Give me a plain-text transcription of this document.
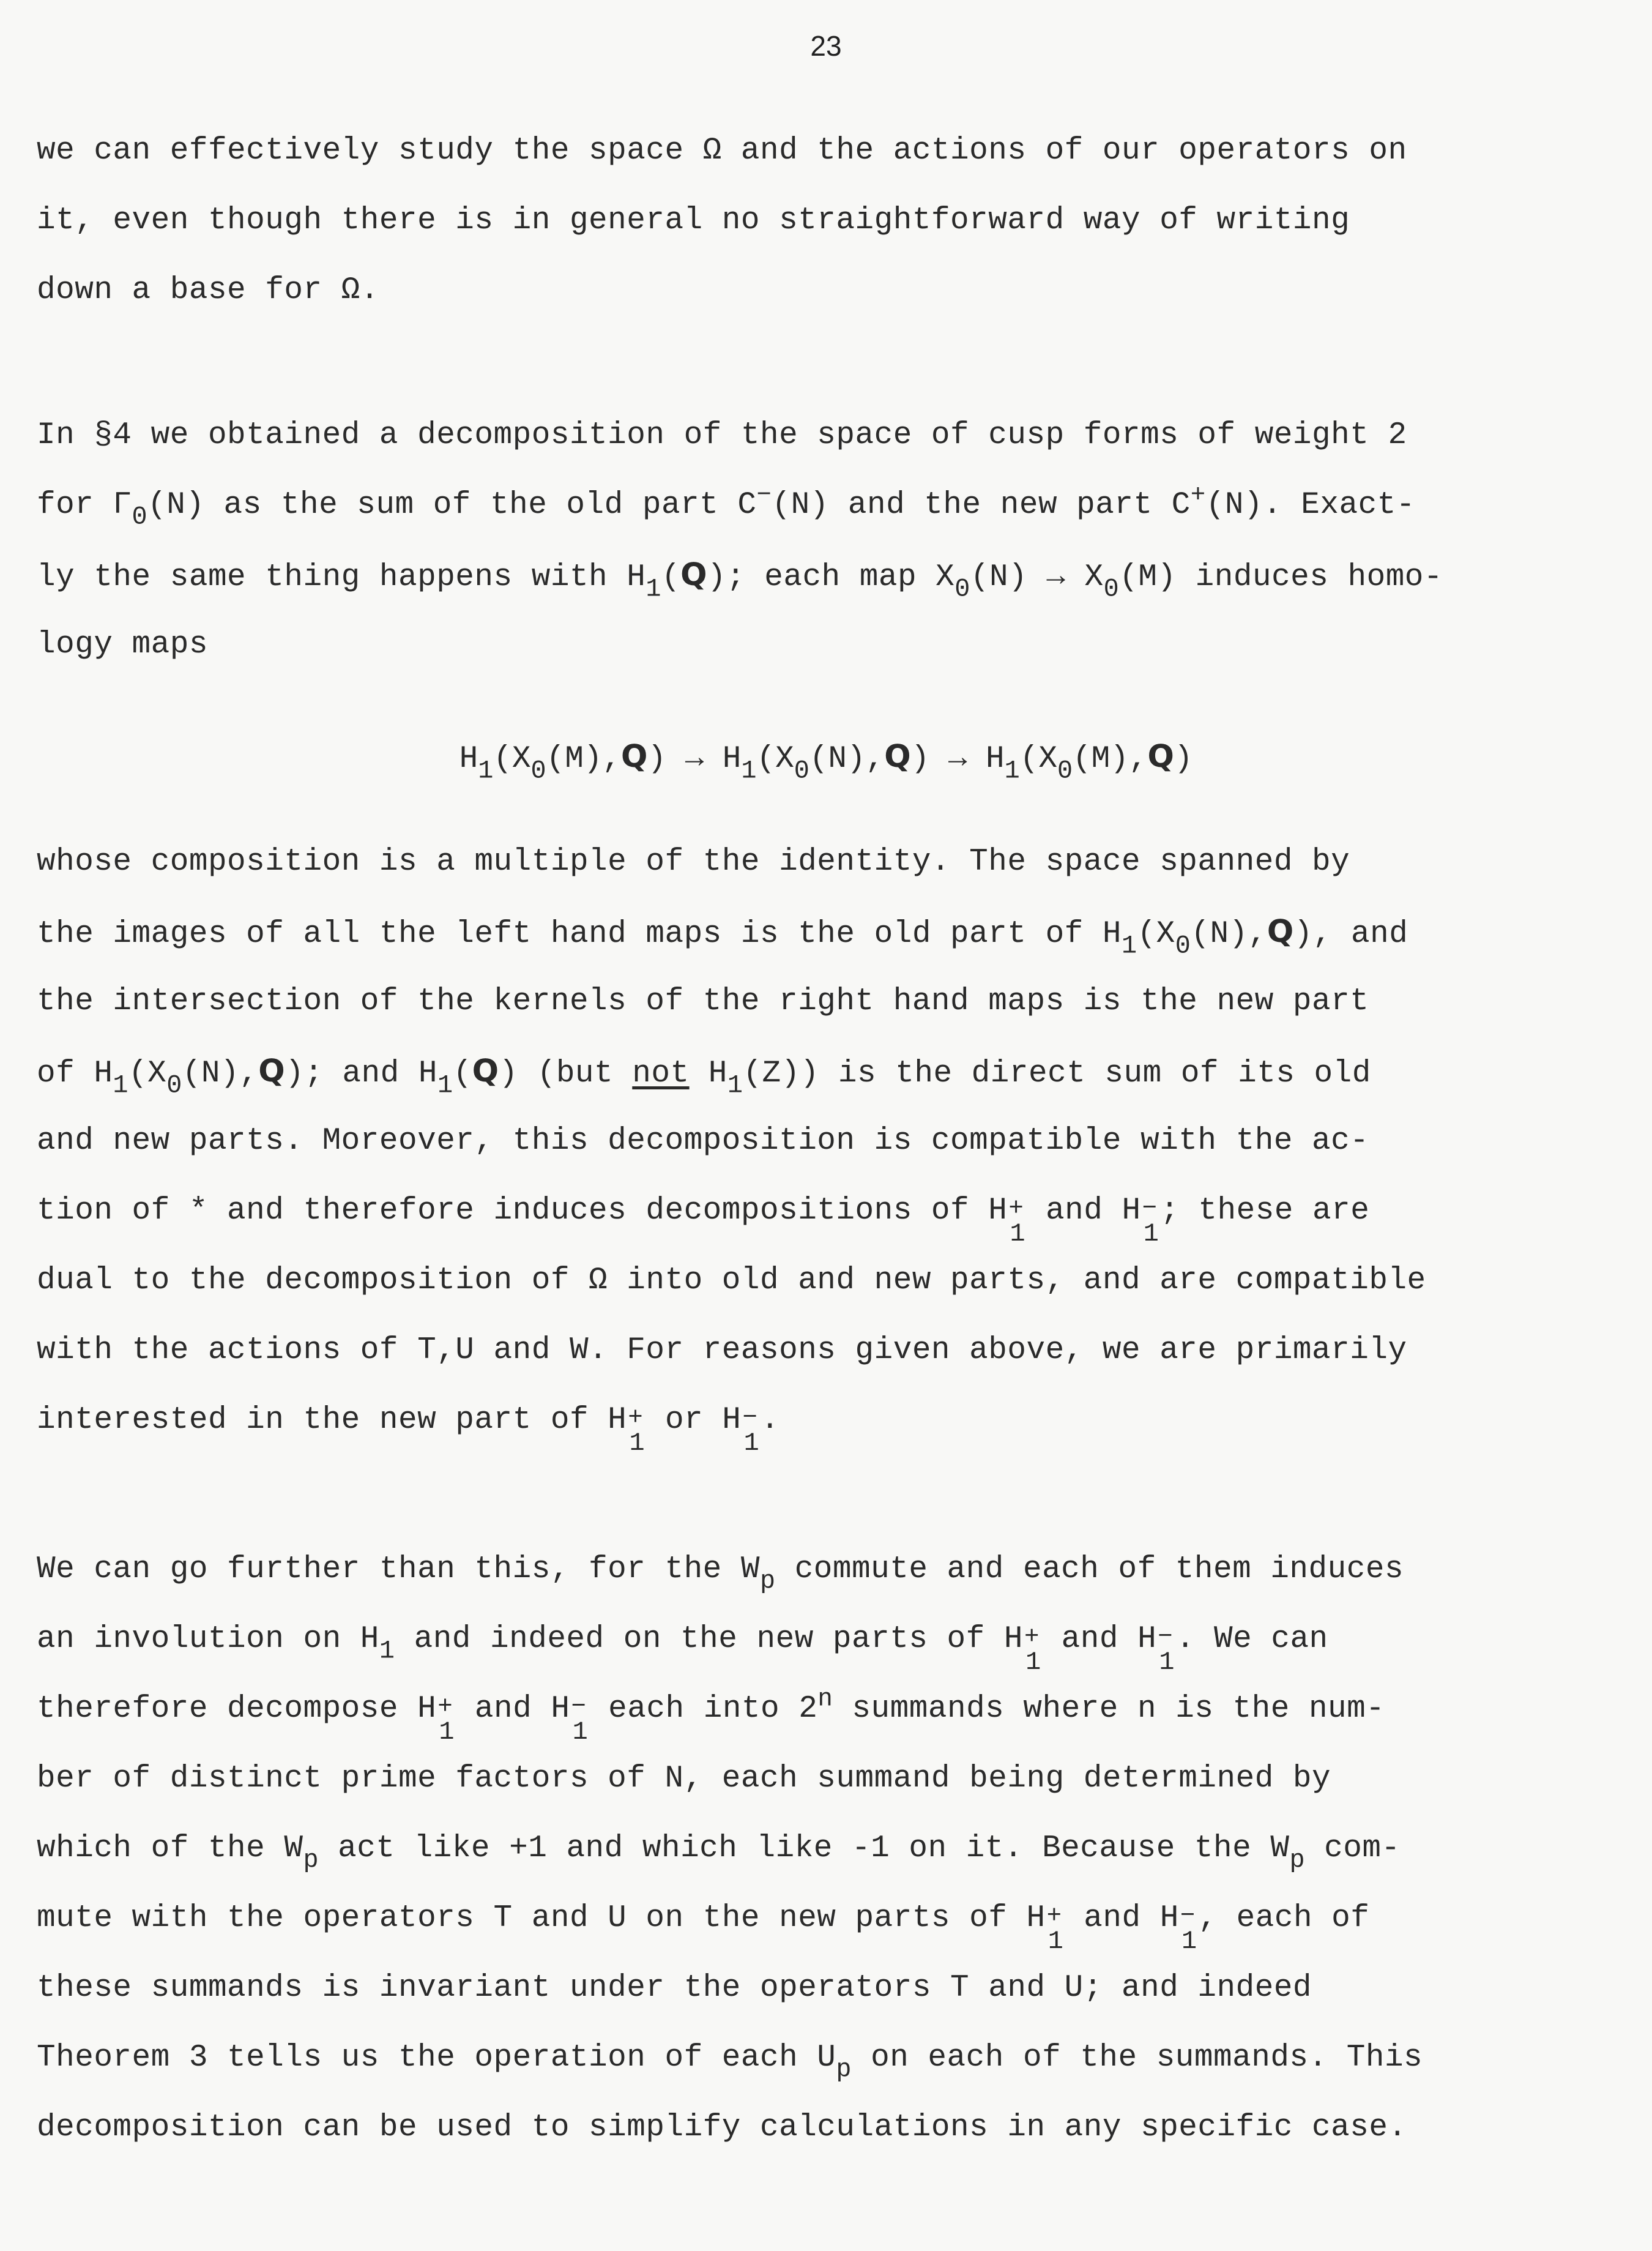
23
we can effectively study the space Ω and the actions of our operators on
it, even though there is in general no straightforward way of writing
down a base for Ω.
In §4 we obtained a decomposition of the space of cusp forms of weight 2
for $\Gamma_0(N)$ as the sum of the old part C−(N) and the new part C+(N). Exact-
ly the same thing happens with $H_1(Q)$; each map $X_0(N) \to X_0(M)$ induces homo-
logy maps
$H_1(X_0(M),Q) \to H_1(X_0(N),Q) \to H_1(X_0(M),Q)$
whose composition is a multiple of the identity. The space spanned by
the images of all the left hand maps is the old part of $H_1(X_0(N),Q)$, and
the intersection of the kernels of the right hand maps is the new part
of $H_1(X_0(N),Q)$; and $H_1(Q)$ (but not $H_1(Z)$) is the direct sum of its old
and new parts. Moreover, this decomposition is compatible with the ac-
tion of * and therefore induces decompositions of H +
1
and H −
1
; these are
dual to the decomposition of Ω into old and new parts, and are compatible
with the actions of T,U and W. For reasons given above, we are primarily
interested in the new part of H +
1
or H −
1
.
We can go further than this, for the $W_p$ commute and each of them induces
an involution on $H_1$ and indeed on the new parts of H +
1
and H −
1
. We can
therefore decompose H +
1
and H −
1
each into 2$^n$ summands where n is the num-
ber of distinct prime factors of N, each summand being determined by
which of the $W_p$ act like +1 and which like -1 on it. Because the $W_p$ com-
mute with the operators T and U on the new parts of H +
1
and H −
1
, each of
these summands is invariant under the operators T and U; and indeed
Theorem 3 tells us the operation of each $U_p$ on each of the summands. This
decomposition can be used to simplify calculations in any specific case.
